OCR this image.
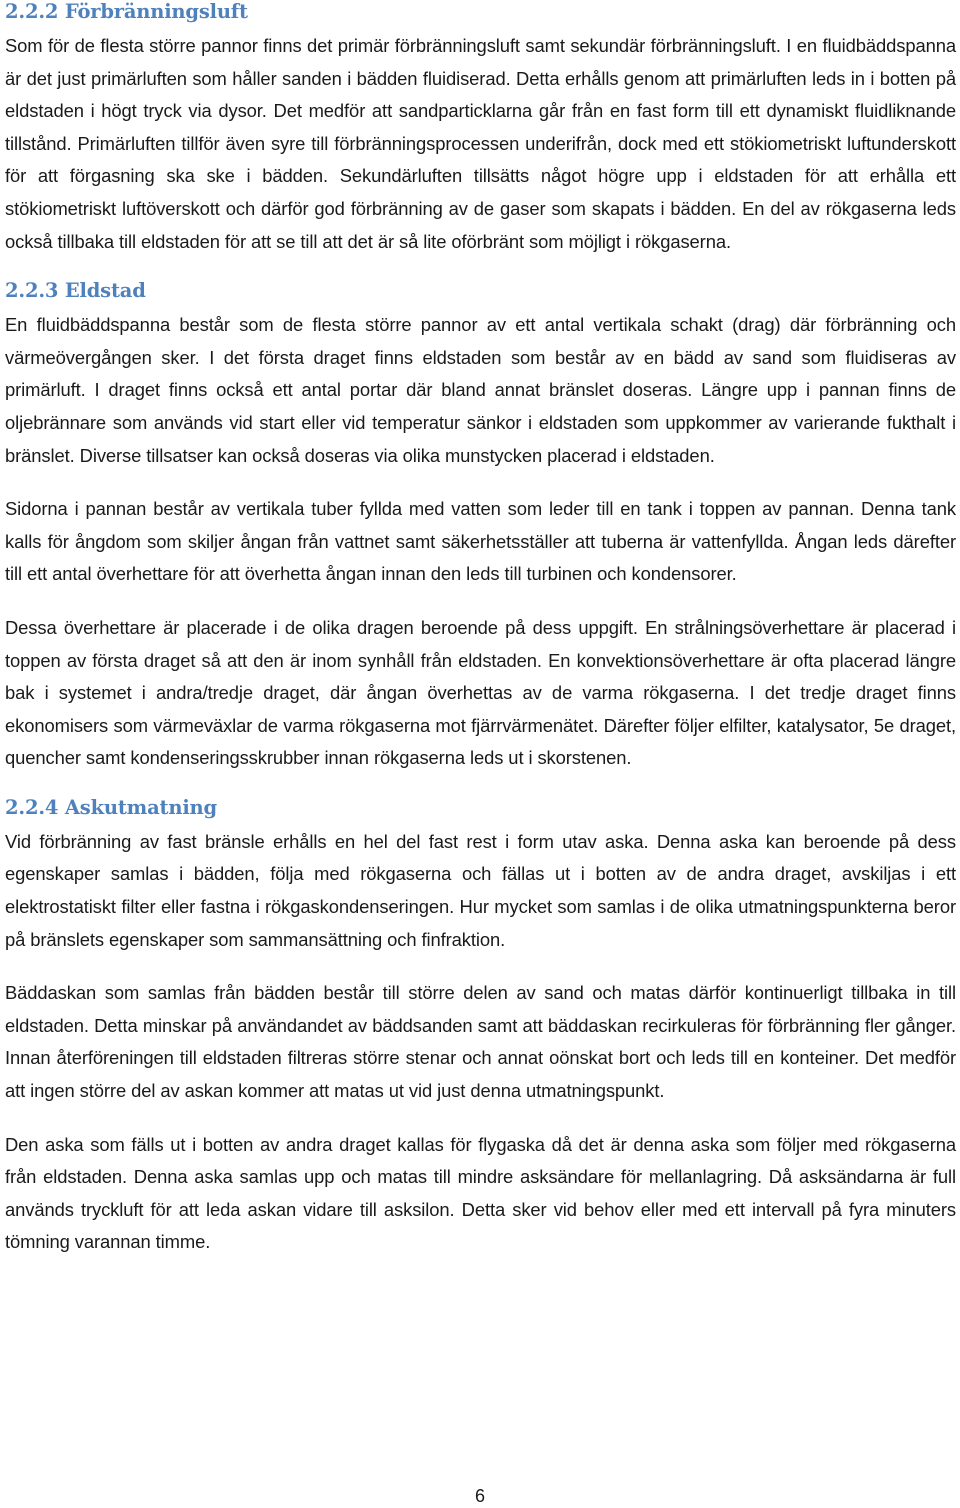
2.2.2 Förbränningsluft

Som för de flesta större pannor finns det primär förbränningsluft samt sekundär förbränningsluft. I en fluidbäddspanna är det just primärluften som håller sanden i bädden fluidiserad. Detta erhålls genom att primärluften leds in i botten på eldstaden i högt tryck via dysor. Det medför att sandparticklarna går från en fast form till ett dynamiskt fluidliknande tillstånd. Primärluften tillför även syre till förbränningsprocessen underifrån, dock med ett stökiometriskt luftunderskott för att förgasning ska ske i bädden. Sekundärluften tillsätts något högre upp i eldstaden för att erhålla ett stökiometriskt luftöverskott och därför god förbränning av de gaser som skapats i bädden. En del av rökgaserna leds också tillbaka till eldstaden för att se till att det är så lite oförbränt som möjligt i rökgaserna.

2.2.3 Eldstad

En fluidbäddspanna består som de flesta större pannor av ett antal vertikala schakt (drag) där förbränning och värmeövergången sker. I det första draget finns eldstaden som består av en bädd av sand som fluidiseras av primärluft. I draget finns också ett antal portar där bland annat bränslet doseras. Längre upp i pannan finns de oljebrännare som används vid start eller vid temperatur sänkor i eldstaden som uppkommer av varierande fukthalt i bränslet. Diverse tillsatser kan också doseras via olika munstycken placerad i eldstaden.

Sidorna i pannan består av vertikala tuber fyllda med vatten som leder till en tank i toppen av pannan. Denna tank kalls för ångdom som skiljer ångan från vattnet samt säkerhetsställer att tuberna är vattenfyllda. Ångan leds därefter till ett antal överhettare för att överhetta ångan innan den leds till turbinen och kondensorer.

Dessa överhettare är placerade i de olika dragen beroende på dess uppgift. En strålningsöverhettare är placerad i toppen av första draget så att den är inom synhåll från eldstaden. En konvektionsöverhettare är ofta placerad längre bak i systemet i andra/tredje draget, där ångan överhettas av de varma rökgaserna. I det tredje draget finns ekonomisers som värmeväxlar de varma rökgaserna mot fjärrvärmenätet. Därefter följer elfilter, katalysator, 5e draget, quencher samt kondenseringsskrubber innan rökgaserna leds ut i skorstenen.

2.2.4 Askutmatning

Vid förbränning av fast bränsle erhålls en hel del fast rest i form utav aska. Denna aska kan beroende på dess egenskaper samlas i bädden, följa med rökgaserna och fällas ut i botten av de andra draget, avskiljas i ett elektrostatiskt filter eller fastna i rökgaskondenseringen. Hur mycket som samlas i de olika utmatningspunkterna beror på bränslets egenskaper som sammansättning och finfraktion.

Bäddaskan som samlas från bädden består till större delen av sand och matas därför kontinuerligt tillbaka in till eldstaden. Detta minskar på användandet av bäddsanden samt att bäddaskan recirkuleras för förbränning fler gånger. Innan återföreningen till eldstaden filtreras större stenar och annat oönskat bort och leds till en konteiner. Det medför att ingen större del av askan kommer att matas ut vid just denna utmatningspunkt.

Den aska som fälls ut i botten av andra draget kallas för flygaska då det är denna aska som följer med rökgaserna från eldstaden. Denna aska samlas upp och matas till mindre asksändare för mellanlagring. Då asksändarna är full används tryckluft för att leda askan vidare till asksilon. Detta sker vid behov eller med ett intervall på fyra minuters tömning varannan timme.

6
